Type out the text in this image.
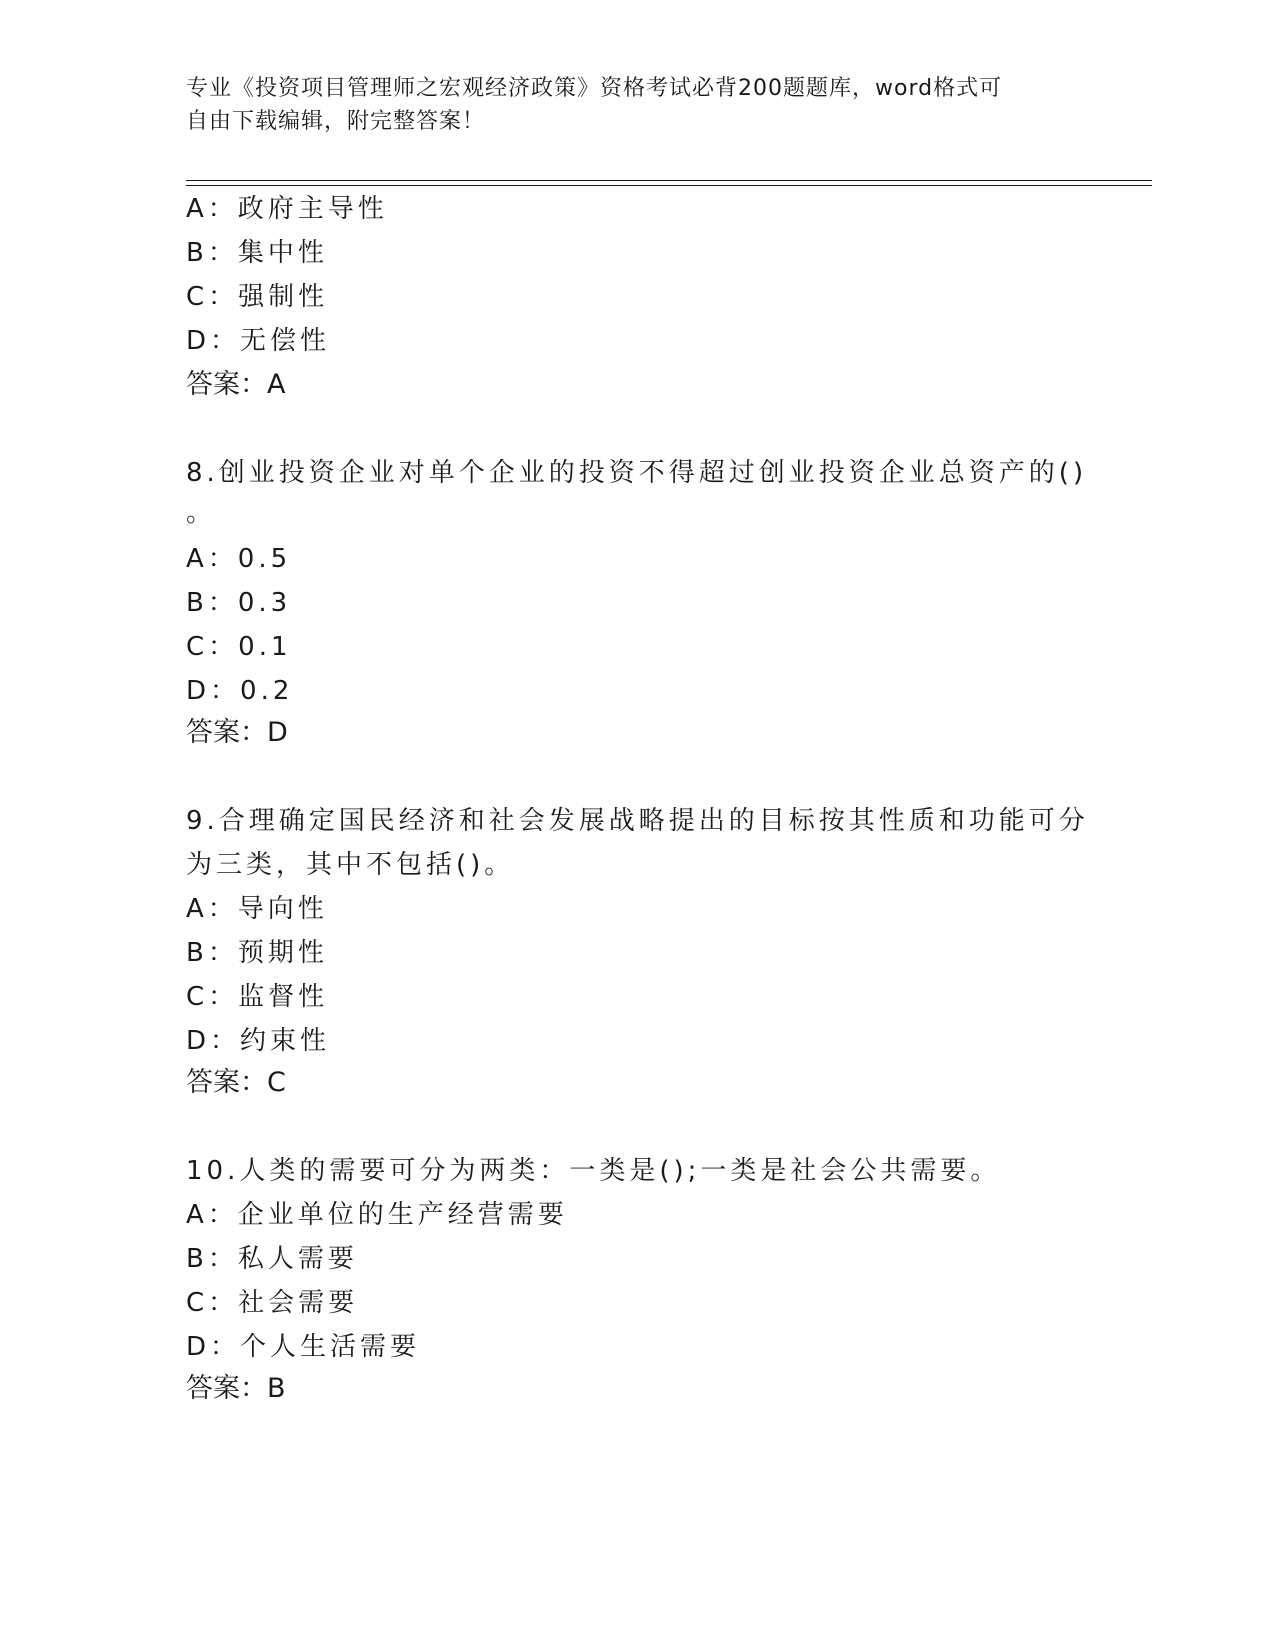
专业《投资项目管理师之宏观经济政策》资格考试必背200题题库，word格式可
自由下载编辑，附完整答案！
A：政府主导性
B：集中性
C：强制性
D：无偿性
答案：A
8.创业投资企业对单个企业的投资不得超过创业投资企业总资产的()
。
A：0.5
B：0.3
C：0.1
D：0.2
答案：D
9.合理确定国民经济和社会发展战略提出的目标按其性质和功能可分
为三类，其中不包括()。
A：导向性
B：预期性
C：监督性
D：约束性
答案：C
10.人类的需要可分为两类：一类是();一类是社会公共需要。
A：企业单位的生产经营需要
B：私人需要
C：社会需要
D：个人生活需要
答案：B
